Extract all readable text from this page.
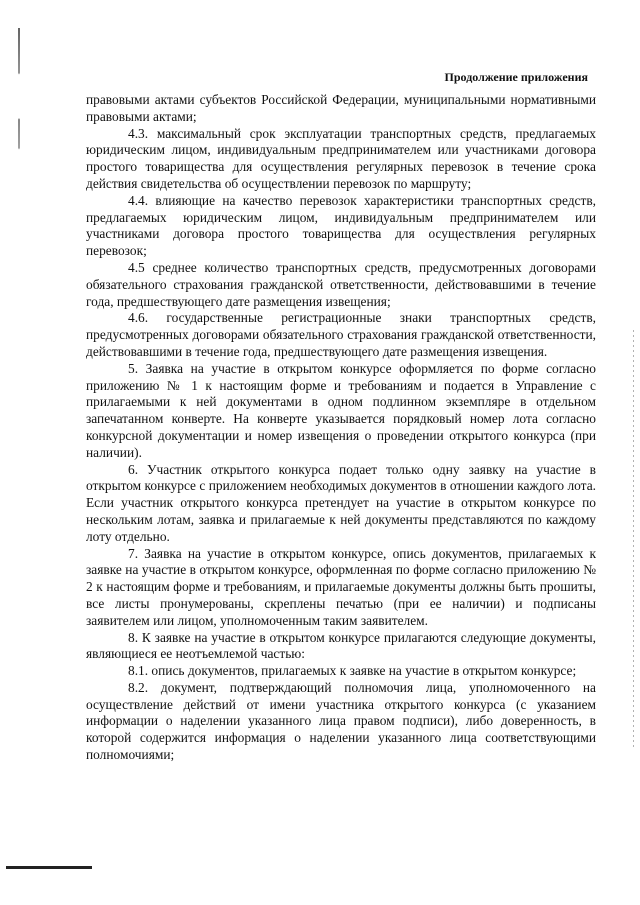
Продолжение приложения

правовыми актами субъектов Российской Федерации, муниципальными нормативными правовыми актами;

4.3. максимальный срок эксплуатации транспортных средств, предлагаемых юридическим лицом, индивидуальным предпринимателем или участниками договора простого товарищества для осуществления регулярных перевозок в течение срока действия свидетельства об осуществлении перевозок по маршруту;

4.4. влияющие на качество перевозок характеристики транспортных средств, предлагаемых юридическим лицом, индивидуальным предпринимателем или участниками договора простого товарищества для осуществления регулярных перевозок;

4.5 среднее количество транспортных средств, предусмотренных договорами обязательного страхования гражданской ответственности, действовавшими в течение года, предшествующего дате размещения извещения;

4.6. государственные регистрационные знаки транспортных средств, предусмотренных договорами обязательного страхования гражданской ответственности, действовавшими в течение года, предшествующего дате размещения извещения.

5. Заявка на участие в открытом конкурсе оформляется по форме согласно приложению № 1 к настоящим форме и требованиям и подается в Управление с прилагаемыми к ней документами в одном подлинном экземпляре в отдельном запечатанном конверте. На конверте указывается порядковый номер лота согласно конкурсной документации и номер извещения о проведении открытого конкурса (при наличии).

6. Участник открытого конкурса подает только одну заявку на участие в открытом конкурсе с приложением необходимых документов в отношении каждого лота. Если участник открытого конкурса претендует на участие в открытом конкурсе по нескольким лотам, заявка и прилагаемые к ней документы представляются по каждому лоту отдельно.

7. Заявка на участие в открытом конкурсе, опись документов, прилагаемых к заявке на участие в открытом конкурсе, оформленная по форме согласно приложению № 2 к настоящим форме и требованиям, и прилагаемые документы должны быть прошиты, все листы пронумерованы, скреплены печатью (при ее наличии) и подписаны заявителем или лицом, уполномоченным таким заявителем.

8. К заявке на участие в открытом конкурсе прилагаются следующие документы, являющиеся ее неотъемлемой частью:

8.1. опись документов, прилагаемых к заявке на участие в открытом конкурсе;

8.2. документ, подтверждающий полномочия лица, уполномоченного на осуществление действий от имени участника открытого конкурса (с указанием информации о наделении указанного лица правом подписи), либо доверенность, в которой содержится информация о наделении указанного лица соответствующими полномочиями;
